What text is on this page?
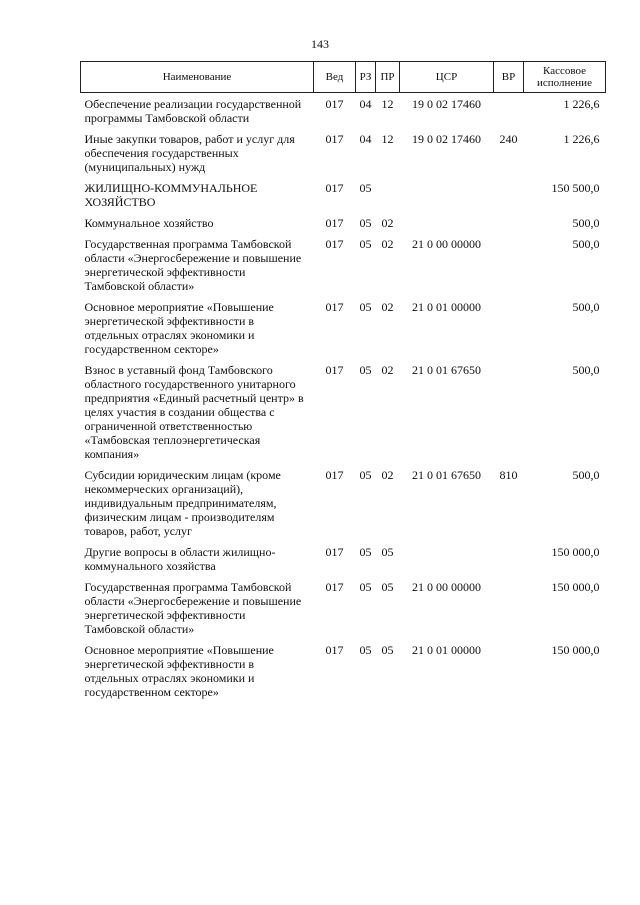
143
Наименование	Вед	РЗ	ПР	ЦСР	ВР	Кассовое исполнение
Обеспечение реализации государственной программы Тамбовской области	017	04	12	19 0 02 17460		1 226,6
Иные закупки товаров, работ и услуг для обеспечения государственных (муниципальных) нужд	017	04	12	19 0 02 17460	240	1 226,6
ЖИЛИЩНО-КОММУНАЛЬНОЕ ХОЗЯЙСТВО	017	05				150 500,0
Коммунальное хозяйство	017	05	02			500,0
Государственная программа Тамбовской области «Энергосбережение и повышение энергетической эффективности Тамбовской области»	017	05	02	21 0 00 00000		500,0
Основное мероприятие «Повышение энергетической эффективности в отдельных отраслях экономики и государственном секторе»	017	05	02	21 0 01 00000		500,0
Взнос в уставный фонд Тамбовского областного государственного унитарного предприятия «Единый расчетный центр» в целях участия в создании общества с ограниченной ответственностью «Тамбовская теплоэнергетическая компания»	017	05	02	21 0 01 67650		500,0
Субсидии юридическим лицам (кроме некоммерческих организаций), индивидуальным предпринимателям, физическим лицам - производителям товаров, работ, услуг	017	05	02	21 0 01 67650	810	500,0
Другие вопросы в области жилищно-коммунального хозяйства	017	05	05			150 000,0
Государственная программа Тамбовской области «Энергосбережение и повышение энергетической эффективности Тамбовской области»	017	05	05	21 0 00 00000		150 000,0
Основное мероприятие «Повышение энергетической эффективности в отдельных отраслях экономики и государственном секторе»	017	05	05	21 0 01 00000		150 000,0
